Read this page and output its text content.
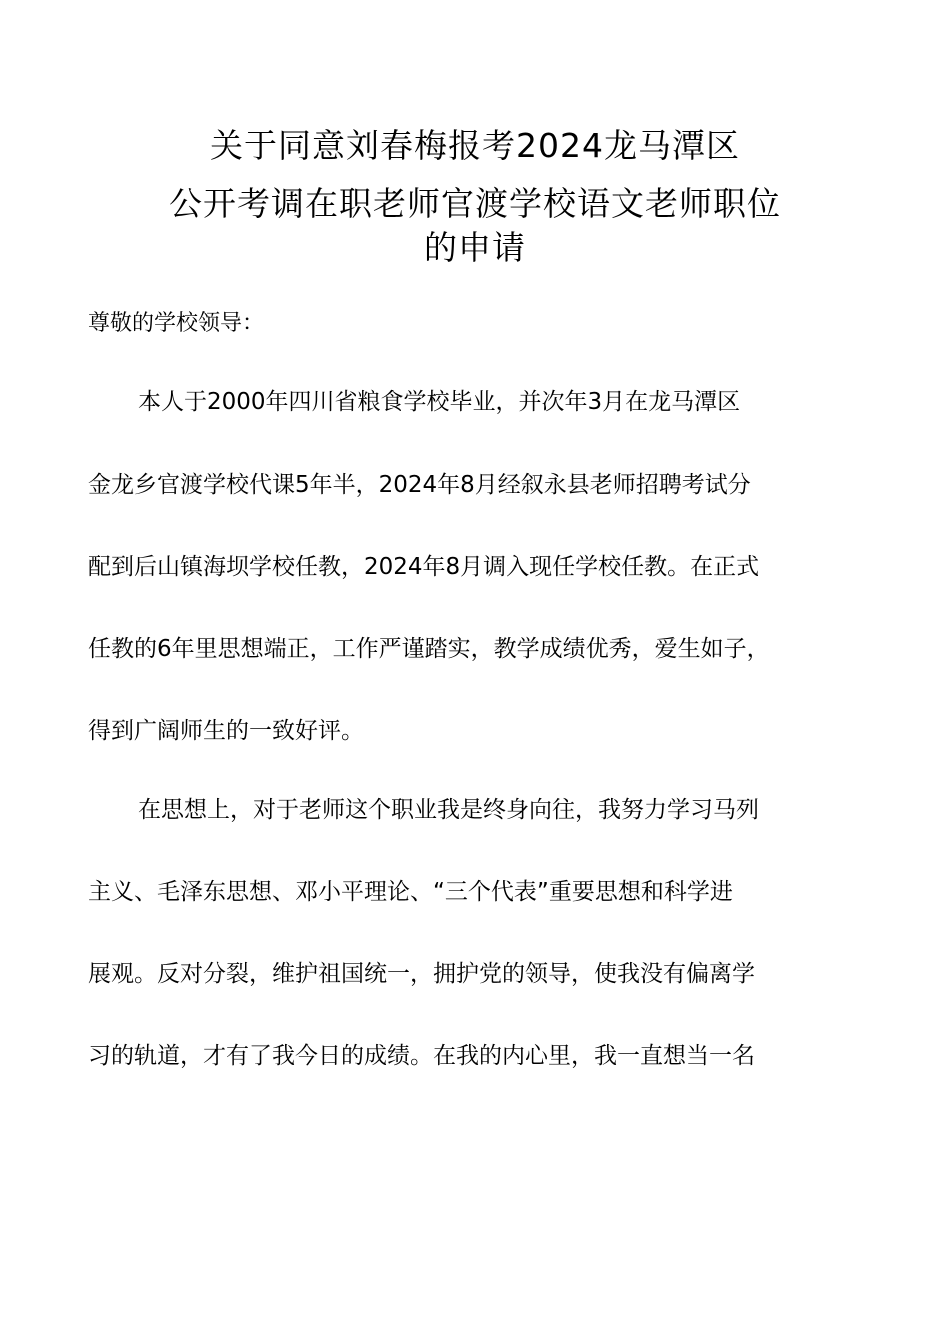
关于同意刘春梅报考2024龙马潭区
公开考调在职老师官渡学校语文老师职位
的申请
尊敬的学校领导：
本人于2000年四川省粮食学校毕业，并次年3月在龙马潭区
金龙乡官渡学校代课5年半，2024年8月经叙永县老师招聘考试分
配到后山镇海坝学校任教，2024年8月调入现任学校任教。在正式
任教的6年里思想端正，工作严谨踏实，教学成绩优秀，爱生如子，
得到广阔师生的一致好评。
在思想上，对于老师这个职业我是终身向往，我努力学习马列
主义、毛泽东思想、邓小平理论、“三个代表”重要思想和科学进
展观。反对分裂，维护祖国统一，拥护党的领导，使我没有偏离学
习的轨道，才有了我今日的成绩。在我的内心里，我一直想当一名
